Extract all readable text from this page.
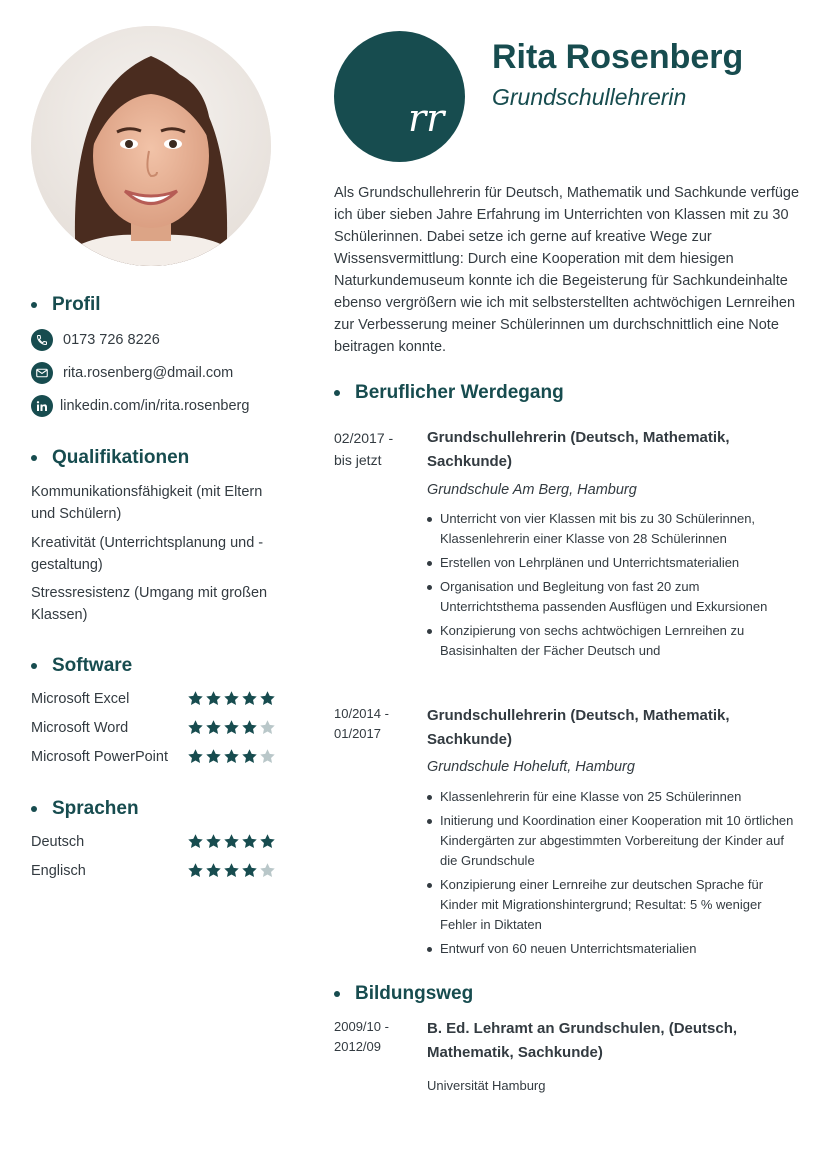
Profil
0173 726 8226
rita.rosenberg@dmail.com
linkedin.com/in/rita.rosenberg
Qualifikationen
Kommunikationsfähigkeit (mit Eltern und Schülern)
Kreativität (Unterrichtsplanung und -gestaltung)
Stressresistenz (Umgang mit großen Klassen)
Software
Microsoft Excel
Microsoft Word
Microsoft PowerPoint
Sprachen
Deutsch
Englisch
rr
Rita Rosenberg
Grundschullehrerin
Als Grundschullehrerin für Deutsch, Mathematik und Sachkunde verfüge ich über sieben Jahre Erfahrung im Unterrichten von Klassen mit zu 30 Schülerinnen. Dabei setze ich gerne auf kreative Wege zur Wissensvermittlung: Durch eine Kooperation mit dem hiesigen Naturkundemuseum konnte ich die Begeisterung für Sachkundeinhalte ebenso vergrößern wie ich mit selbsterstellten achtwöchigen Lernreihen zur Verbesserung meiner Schülerinnen um durchschnittlich eine Note beitragen konnte.
Beruflicher Werdegang
02/2017 - bis jetzt
Grundschullehrerin (Deutsch, Mathematik, Sachkunde)
Grundschule Am Berg, Hamburg
Unterricht von vier Klassen mit bis zu 30 Schülerinnen, Klassenlehrerin einer Klasse von 28 Schülerinnen
Erstellen von Lehrplänen und Unterrichtsmaterialien
Organisation und Begleitung von fast 20 zum Unterrichtsthema passenden Ausflügen und Exkursionen
Konzipierung von sechs achtwöchigen Lernreihen zu Basisinhalten der Fächer Deutsch und
10/2014 - 01/2017
Grundschullehrerin (Deutsch, Mathematik, Sachkunde)
Grundschule Hoheluft, Hamburg
Klassenlehrerin für eine Klasse von 25 Schülerinnen
Initierung und Koordination einer Kooperation mit 10 örtlichen Kindergärten zur abgestimmten Vorbereitung der Kinder auf die Grundschule
Konzipierung einer Lernreihe zur deutschen Sprache für Kinder mit Migrationshintergrund; Resultat: 5 % weniger Fehler in Diktaten
Entwurf von 60 neuen Unterrichtsmaterialien
Bildungsweg
2009/10 - 2012/09
B. Ed. Lehramt an Grundschulen, (Deutsch, Mathematik, Sachkunde)
Universität Hamburg
